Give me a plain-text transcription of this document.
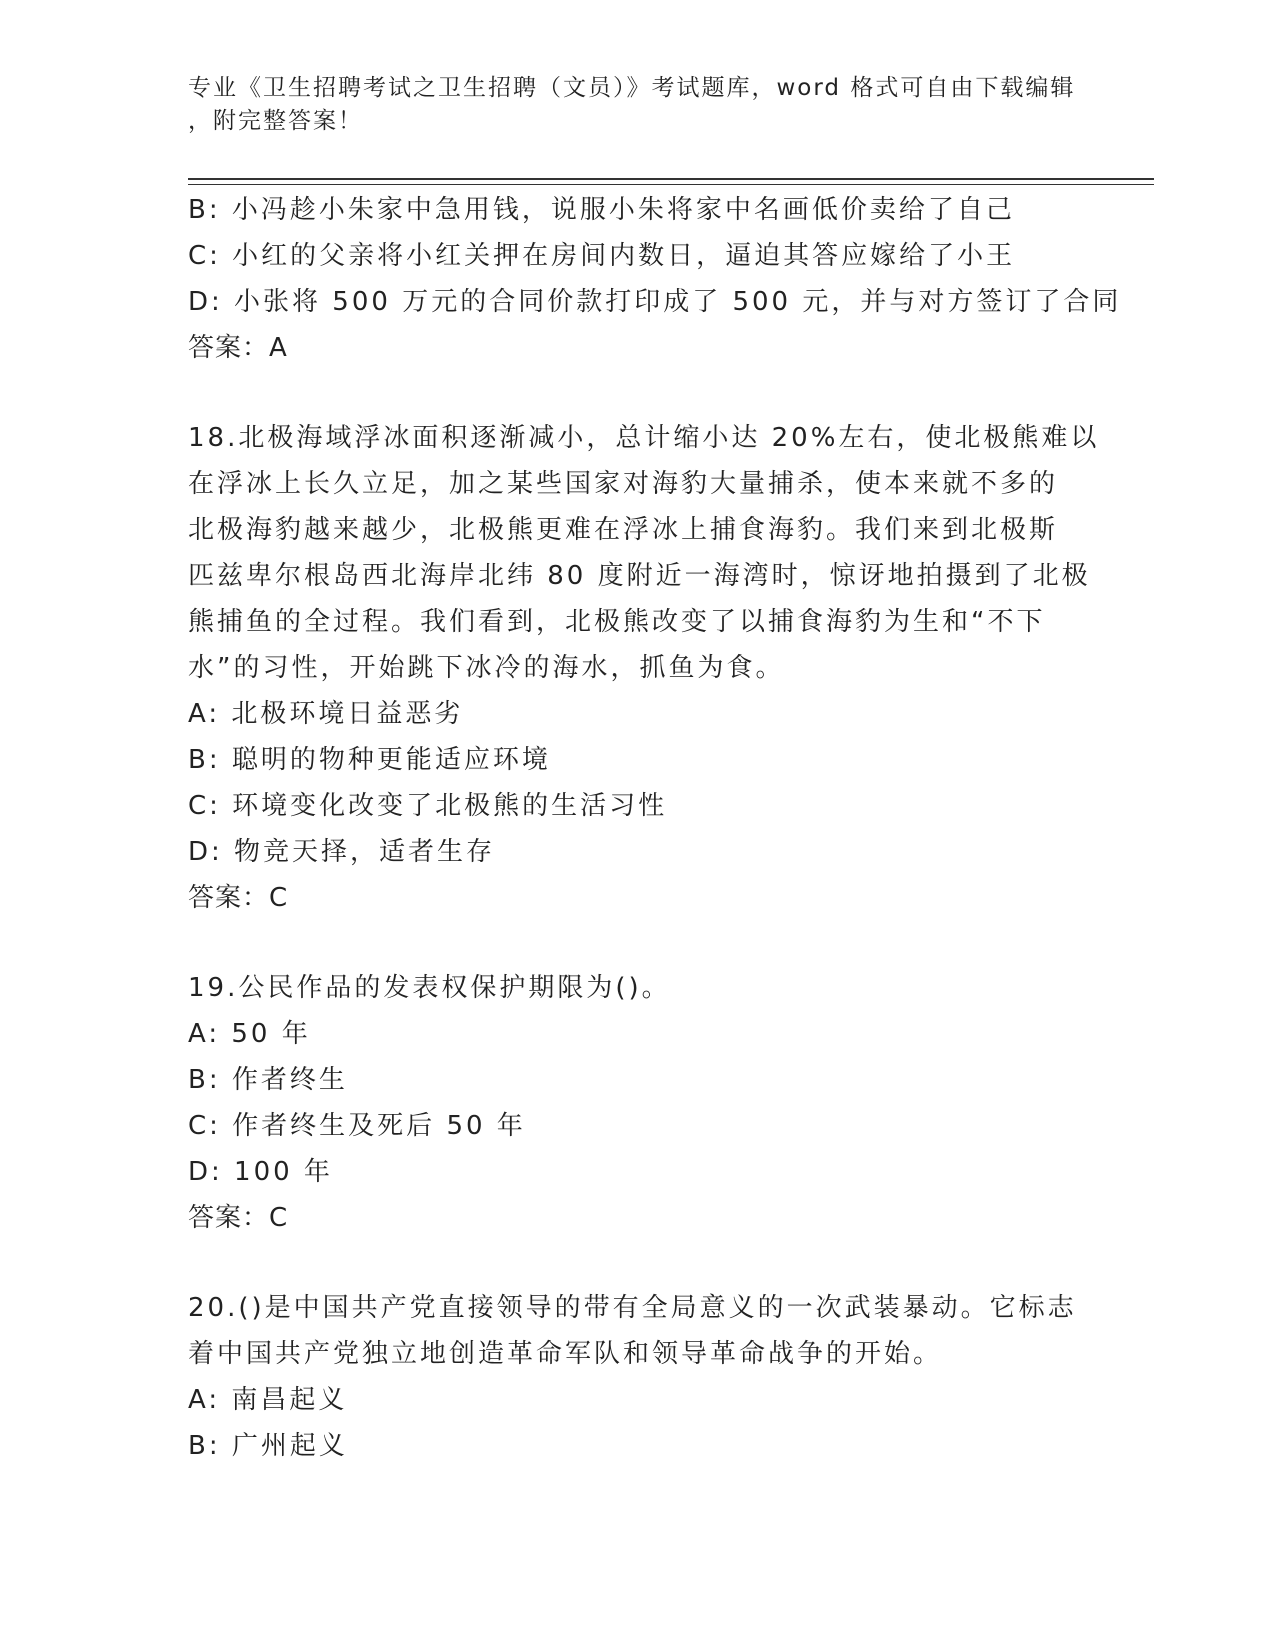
专业《卫生招聘考试之卫生招聘（文员）》考试题库，word 格式可自由下载编辑
，附完整答案！
B: 小冯趁小朱家中急用钱，说服小朱将家中名画低价卖给了自己
C: 小红的父亲将小红关押在房间内数日，逼迫其答应嫁给了小王
D: 小张将 500 万元的合同价款打印成了 500 元，并与对方签订了合同
答案：A
18.北极海域浮冰面积逐渐减小，总计缩小达 20%左右，使北极熊难以
在浮冰上长久立足，加之某些国家对海豹大量捕杀，使本来就不多的
北极海豹越来越少，北极熊更难在浮冰上捕食海豹。我们来到北极斯
匹兹卑尔根岛西北海岸北纬 80 度附近一海湾时，惊讶地拍摄到了北极
熊捕鱼的全过程。我们看到，北极熊改变了以捕食海豹为生和“不下
水”的习性，开始跳下冰冷的海水，抓鱼为食。
A: 北极环境日益恶劣
B: 聪明的物种更能适应环境
C: 环境变化改变了北极熊的生活习性
D: 物竞天择，适者生存
答案：C
19.公民作品的发表权保护期限为()。
A: 50 年
B: 作者终生
C: 作者终生及死后 50 年
D: 100 年
答案：C
20.()是中国共产党直接领导的带有全局意义的一次武装暴动。它标志
着中国共产党独立地创造革命军队和领导革命战争的开始。
A: 南昌起义
B: 广州起义
